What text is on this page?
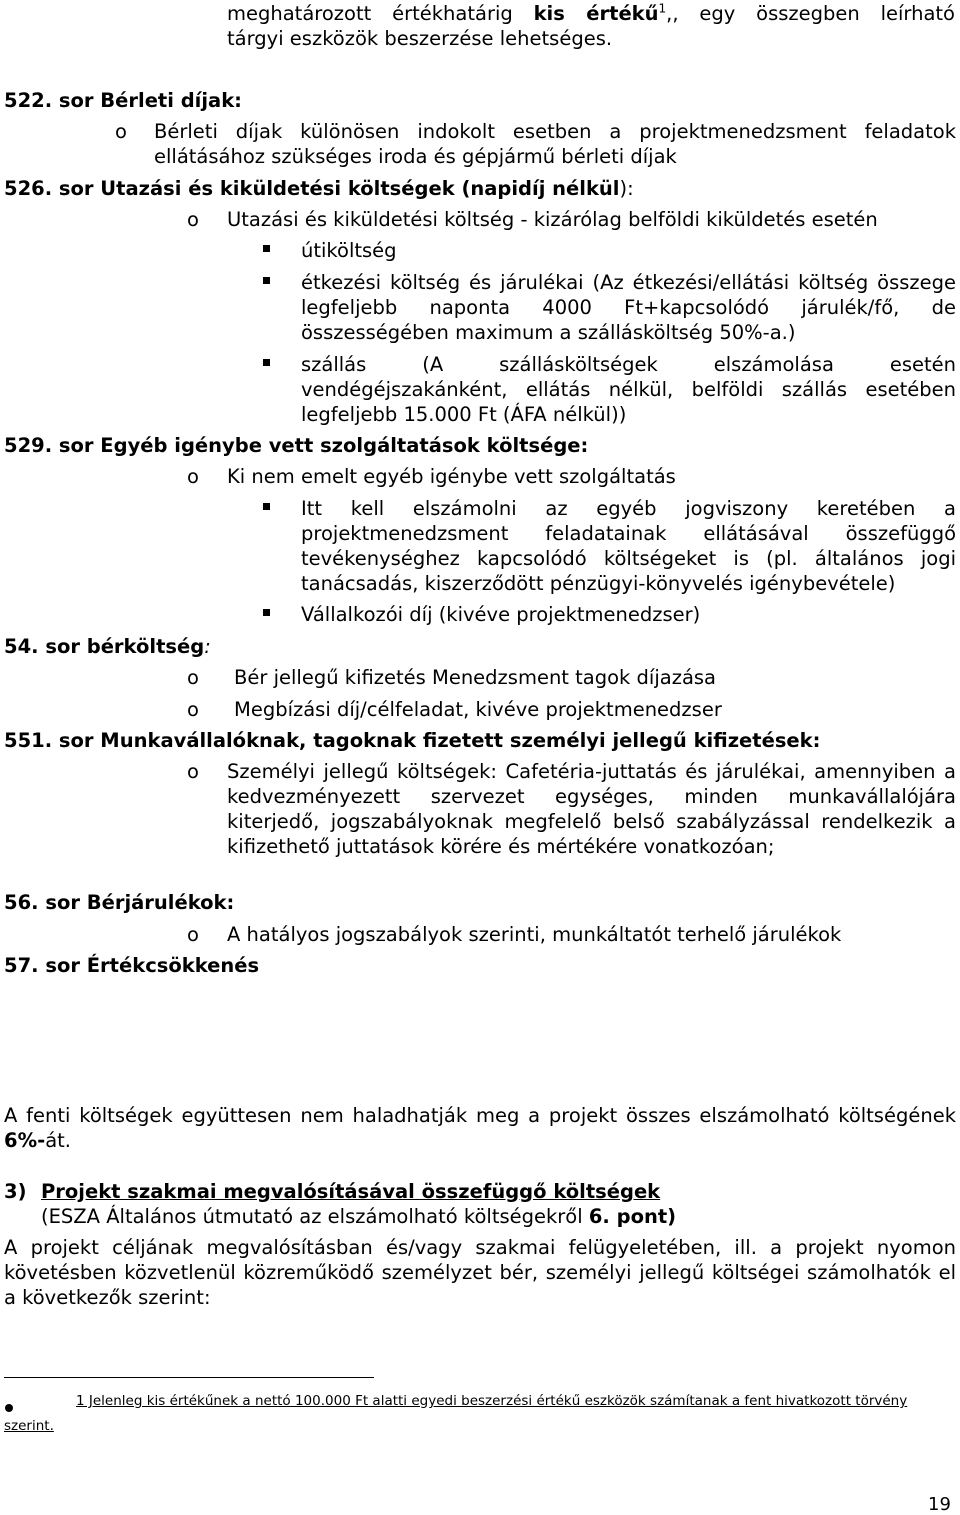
meghatározott értékhatárig kis értékű$^1$,, egy összegben leírható
tárgyi eszközök beszerzése lehetséges.
522. sor Bérleti díjak:
o Bérleti díjak különösen indokolt esetben a projektmenedzsment feladatok ellátásához szükséges iroda és gépjármű bérleti díjak
526. sor Utazási és kiküldetési költségek (napidíj nélkül):
o Utazási és kiküldetési költség - kizárólag belföldi kiküldetés esetén
útiköltség
étkezési költség és járulékai (Az étkezési/ellátási költség összege legfeljebb naponta 4000 Ft+kapcsolódó járulék/fő, de összességében maximum a szállásköltség 50%-a.)
szállás (A szállásköltségek elszámolása esetén vendégéjszakánként, ellátás nélkül, belföldi szállás esetében legfeljebb 15.000 Ft (ÁFA nélkül))
529. sor Egyéb igénybe vett szolgáltatások költsége:
o Ki nem emelt egyéb igénybe vett szolgáltatás
Itt kell elszámolni az egyéb jogviszony keretében a projektmenedzsment feladatainak ellátásával összefüggő tevékenységhez kapcsolódó költségeket is (pl. általános jogi tanácsadás, kiszerződött pénzügyi-könyvelés igénybevétele)
Vállalkozói díj (kivéve projektmenedzser)
54. sor bérköltség:
o Bér jellegű kifizetés Menedzsment tagok díjazása
o Megbízási díj/célfeladat, kivéve projektmenedzser
551. sor Munkavállalóknak, tagoknak fizetett személyi jellegű kifizetések:
o Személyi jellegű költségek: Cafetéria-juttatás és járulékai, amennyiben a kedvezményezett szervezet egységes, minden munkavállalójára kiterjedő, jogszabályoknak megfelelő belső szabályzással rendelkezik a kifizethető juttatások körére és mértékére vonatkozóan;
56. sor Bérjárulékok:
o A hatályos jogszabályok szerinti, munkáltatót terhelő járulékok
57. sor Értékcsökkenés
A fenti költségek együttesen nem haladhatják meg a projekt összes elszámolható költségének 6%-át.
3) Projekt szakmai megvalósításával összefüggő költségek
(ESZA Általános útmutató az elszámolható költségekről 6. pont)
A projekt céljának megvalósításban és/vagy szakmai felügyeletében, ill. a projekt nyomon követésben közvetlenül közreműködő személyzet bér, személyi jellegű költségei számolhatók el a következők szerint:
1 Jelenleg kis értékűnek a nettó 100.000 Ft alatti egyedi beszerzési értékű eszközök számítanak a fent hivatkozott törvény
szerint.
19
